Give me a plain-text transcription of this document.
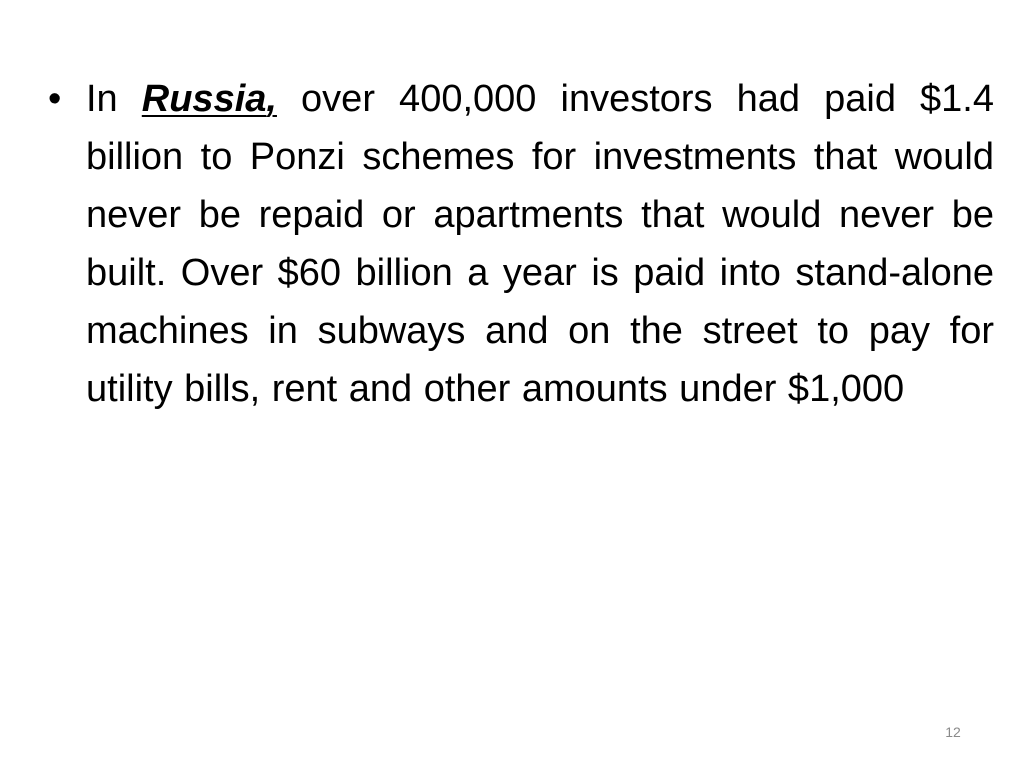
• In Russia, over 400,000 investors had paid $1.4 billion to Ponzi schemes for investments that would never be repaid or apartments that would never be built. Over $60 billion a year is paid into stand-alone machines in subways and on the street to pay for utility bills, rent and other amounts under $1,000
12
